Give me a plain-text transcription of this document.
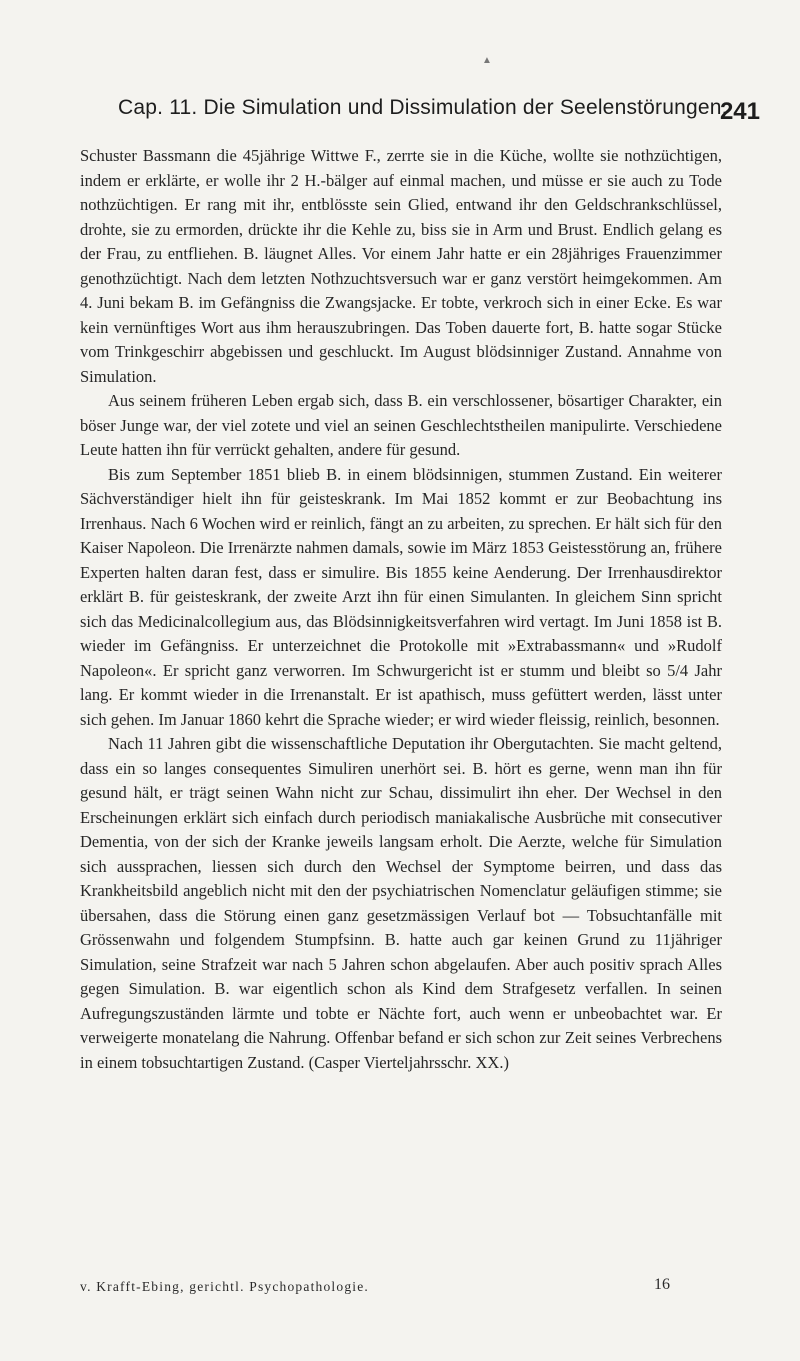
▲
Cap. 11. Die Simulation und Dissimulation der Seelenstörungen.
241

Schuster Bassmann die 45jährige Wittwe F., zerrte sie in die Küche, wollte sie nothzüchtigen, indem er erklärte, er wolle ihr 2 H.-bälger auf einmal machen, und müsse er sie auch zu Tode nothzüchtigen. Er rang mit ihr, entblösste sein Glied, entwand ihr den Geldschrankschlüssel, drohte, sie zu ermorden, drückte ihr die Kehle zu, biss sie in Arm und Brust. Endlich gelang es der Frau, zu entfliehen. B. läugnet Alles. Vor einem Jahr hatte er ein 28jähriges Frauenzimmer genothzüchtigt. Nach dem letzten Nothzuchtsversuch war er ganz verstört heimgekommen. Am 4. Juni bekam B. im Gefängniss die Zwangsjacke. Er tobte, verkroch sich in einer Ecke. Es war kein vernünftiges Wort aus ihm herauszubringen. Das Toben dauerte fort, B. hatte sogar Stücke vom Trinkgeschirr abgebissen und geschluckt. Im August blödsinniger Zustand. Annahme von Simulation.

Aus seinem früheren Leben ergab sich, dass B. ein verschlossener, bösartiger Charakter, ein böser Junge war, der viel zotete und viel an seinen Geschlechtstheilen manipulirte. Verschiedene Leute hatten ihn für verrückt gehalten, andere für gesund.

Bis zum September 1851 blieb B. in einem blödsinnigen, stummen Zustand. Ein weiterer Sächverständiger hielt ihn für geisteskrank. Im Mai 1852 kommt er zur Beobachtung ins Irrenhaus. Nach 6 Wochen wird er reinlich, fängt an zu arbeiten, zu sprechen. Er hält sich für den Kaiser Napoleon. Die Irrenärzte nahmen damals, sowie im März 1853 Geistesstörung an, frühere Experten halten daran fest, dass er simulire. Bis 1855 keine Aenderung. Der Irrenhausdirektor erklärt B. für geisteskrank, der zweite Arzt ihn für einen Simulanten. In gleichem Sinn spricht sich das Medicinalcollegium aus, das Blödsinnigkeitsverfahren wird vertagt. Im Juni 1858 ist B. wieder im Gefängniss. Er unterzeichnet die Protokolle mit »Extrabassmann« und »Rudolf Napoleon«. Er spricht ganz verworren. Im Schwurgericht ist er stumm und bleibt so 5/4 Jahr lang. Er kommt wieder in die Irrenanstalt. Er ist apathisch, muss gefüttert werden, lässt unter sich gehen. Im Januar 1860 kehrt die Sprache wieder; er wird wieder fleissig, reinlich, besonnen.

Nach 11 Jahren gibt die wissenschaftliche Deputation ihr Obergutachten. Sie macht geltend, dass ein so langes consequentes Simuliren unerhört sei. B. hört es gerne, wenn man ihn für gesund hält, er trägt seinen Wahn nicht zur Schau, dissimulirt ihn eher. Der Wechsel in den Erscheinungen erklärt sich einfach durch periodisch maniakalische Ausbrüche mit consecutiver Dementia, von der sich der Kranke jeweils langsam erholt. Die Aerzte, welche für Simulation sich aussprachen, liessen sich durch den Wechsel der Symptome beirren, und dass das Krankheitsbild angeblich nicht mit den der psychiatrischen Nomenclatur geläufigen stimme; sie übersahen, dass die Störung einen ganz gesetzmässigen Verlauf bot — Tobsuchtanfälle mit Grössenwahn und folgendem Stumpfsinn. B. hatte auch gar keinen Grund zu 11jähriger Simulation, seine Strafzeit war nach 5 Jahren schon abgelaufen. Aber auch positiv sprach Alles gegen Simulation. B. war eigentlich schon als Kind dem Strafgesetz verfallen. In seinen Aufregungszuständen lärmte und tobte er Nächte fort, auch wenn er unbeobachtet war. Er verweigerte monatelang die Nahrung. Offenbar befand er sich schon zur Zeit seines Verbrechens in einem tobsuchtartigen Zustand. (Casper Vierteljahrsschr. XX.)

v. Krafft-Ebing, gerichtl. Psychopathologie.	16
